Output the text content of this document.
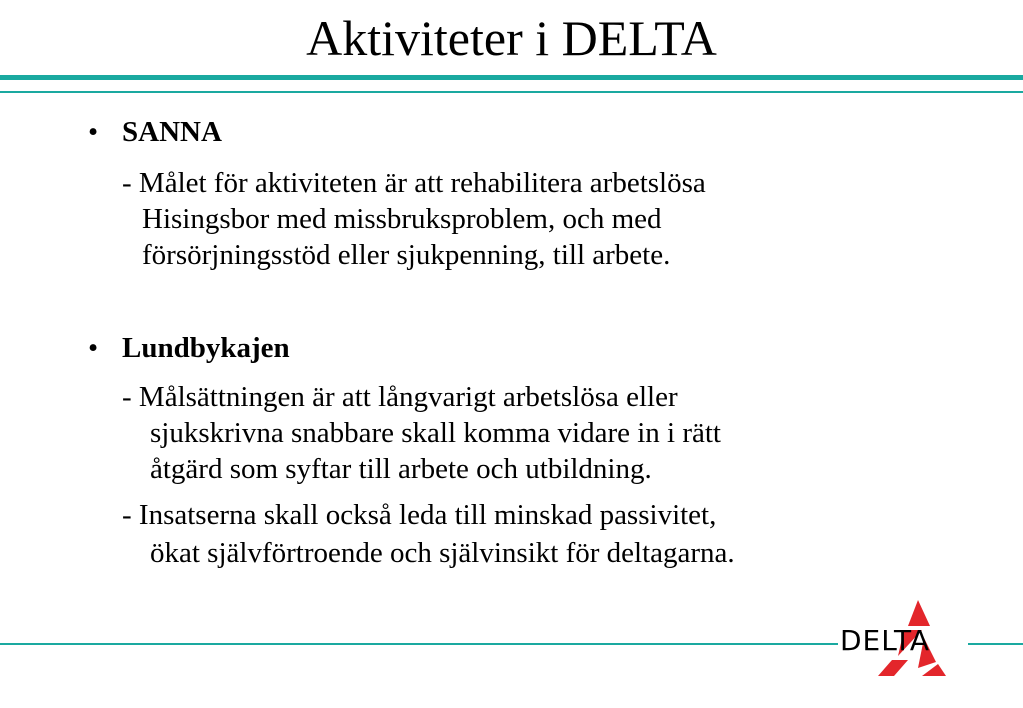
Aktiviteter i DELTA
• SANNA
- Målet för aktiviteten är att rehabilitera arbetslösa
Hisingsbor med missbruksproblem, och med
försörjningsstöd eller sjukpenning, till arbete.
• Lundbykajen
- Målsättningen är att långvarigt arbetslösa eller
sjukskrivna snabbare skall komma vidare in i rätt
åtgärd som syftar till arbete och utbildning.
- Insatserna skall också leda till minskad passivitet,
ökat självförtroende och självinsikt för deltagarna.
DELTA
